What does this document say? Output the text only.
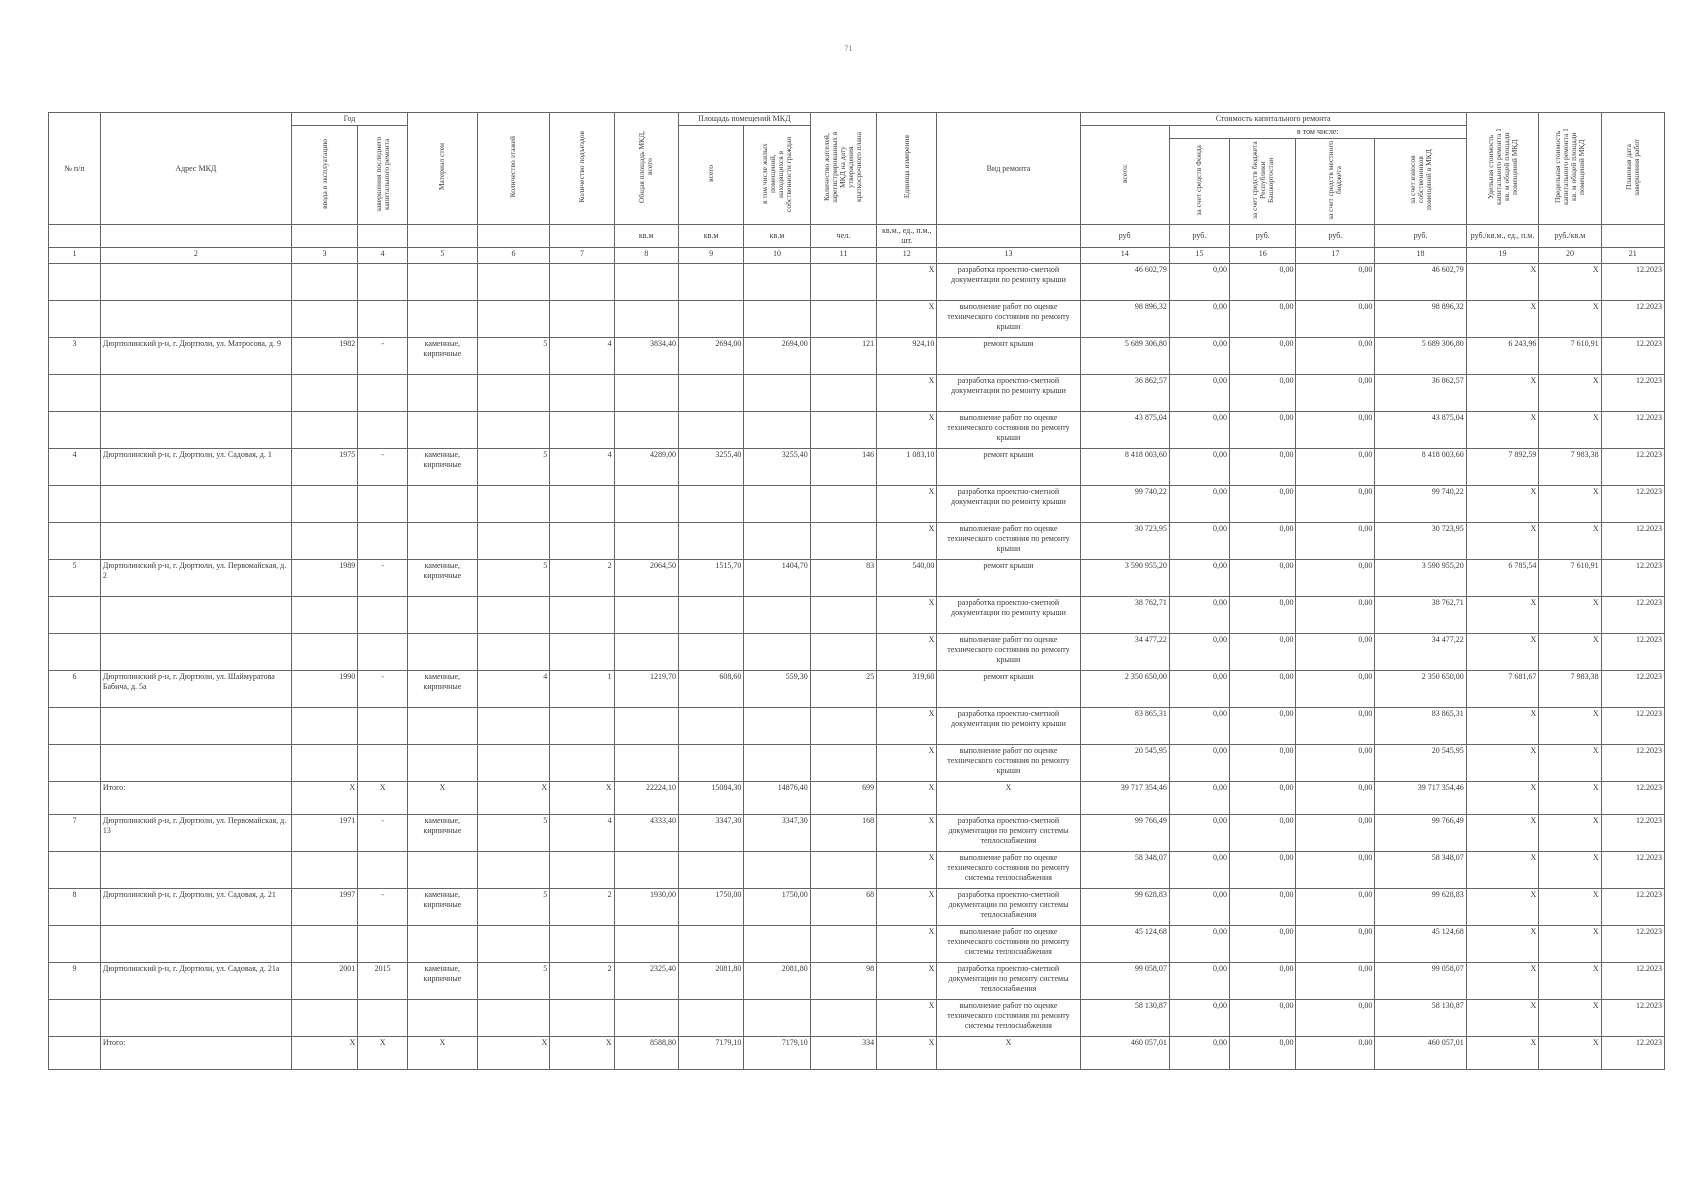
71
№ п/п	Адрес МКД	Год		Материал стен	Количество этажей	Количество подъездов	Общая площадь МКД, всего	Площадь помещений МКД		Количество жителей, зарегистрированных в МКД на дату утверждения краткосрочного плана	Единица измерения	Вид ремонта	Стоимость капитального ремонта					Удельная стоимость капитального ремонта 1 кв. м общей площади помещений МКД	Предельная стоимость капитального ремонта 1 кв. м общей площади помещений МКД	Плановая дата завершения работ
		ввода в эксплуатацию	завершения последнего капитального ремонта					всего	в том числе жилых помещений, находящихся в собственности граждан				всего:	в том числе:						
														за счет средств Фонда	за счет средств бюджета Республики Башкортостан	за счет средств местного бюджета	за счет взносов собственников помещений в МКД			
							кв.м	кв.м	кв.м	чел.	кв.м., ед., п.м., шт.		руб	руб.	руб.	руб.	руб.	руб./кв.м., ед., п.м.	руб./кв.м	
1	2	3	4	5	6	7	8	9	10	11	12	13	14	15	16	17	18	19	20	21
											X	разработка проектно-сметной документации по ремонту крыши	46 602,79	0,00	0,00	0,00	46 602,79	X	X	12.2023
											X	выполнение работ по оценке технического состояния по ремонту крыши	98 896,32	0,00	0,00	0,00	98 896,32	X	X	12.2023
3	Дюртюлинский р-н, г. Дюртюли, ул. Матросова, д. 9	1982	-	каменные, кирпичные	5	4	3834,40	2694,00	2694,00	121	924,10	ремонт крыши	5 689 306,80	0,00	0,00	0,00	5 689 306,80	6 243,96	7 610,91	12.2023
											X	разработка проектно-сметной документации по ремонту крыши	36 862,57	0,00	0,00	0,00	36 862,57	X	X	12.2023
											X	выполнение работ по оценке технического состояния по ремонту крыши	43 875,04	0,00	0,00	0,00	43 875,04	X	X	12.2023
4	Дюртюлинский р-н, г. Дюртюли, ул. Садовая, д. 1	1975	-	каменные, кирпичные	5	4	4289,00	3255,40	3255,40	146	1 083,10	ремонт крыши	8 418 003,60	0,00	0,00	0,00	8 418 003,60	7 892,59	7 983,38	12.2023
											X	разработка проектно-сметной документации по ремонту крыши	99 740,22	0,00	0,00	0,00	99 740,22	X	X	12.2023
											X	выполнение работ по оценке технического состояния по ремонту крыши	30 723,95	0,00	0,00	0,00	30 723,95	X	X	12.2023
5	Дюртюлинский р-н, г. Дюртюли, ул. Первомайская, д. 2	1989	-	каменные, кирпичные	5	2	2064,50	1515,70	1404,70	83	540,00	ремонт крыши	3 590 955,20	0,00	0,00	0,00	3 590 955,20	6 785,54	7 610,91	12.2023
											X	разработка проектно-сметной документации по ремонту крыши	38 762,71	0,00	0,00	0,00	38 762,71	X	X	12.2023
											X	выполнение работ по оценке технического состояния по ремонту крыши	34 477,22	0,00	0,00	0,00	34 477,22	X	X	12.2023
6	Дюртюлинский р-н, г. Дюртюли, ул. Шаймуратова Бабича, д. 5а	1990	-	каменные, кирпичные	4	1	1219,70	608,60	559,30	25	319,60	ремонт крыши	2 350 650,00	0,00	0,00	0,00	2 350 650,00	7 681,67	7 983,38	12.2023
											X	разработка проектно-сметной документации по ремонту крыши	83 865,31	0,00	0,00	0,00	83 865,31	X	X	12.2023
											X	выполнение работ по оценке технического состояния по ремонту крыши	20 545,95	0,00	0,00	0,00	20 545,95	X	X	12.2023
	Итого:	X	X	X	X	X	22224,10	15084,30	14876,40	699	X	X	39 717 354,46	0,00	0,00	0,00	39 717 354,46	X	X	12.2023
7	Дюртюлинский р-н, г. Дюртюли, ул. Первомайская, д. 13	1971	-	каменные, кирпичные	5	4	4333,40	3347,30	3347,30	168	X	разработка проектно-сметной документации по ремонту системы теплоснабжения	99 766,49	0,00	0,00	0,00	99 766,49	X	X	12.2023
											X	выполнение работ по оценке технического состояния по ремонту системы теплоснабжения	58 348,07	0,00	0,00	0,00	58 348,07	X	X	12.2023
8	Дюртюлинский р-н, г. Дюртюли, ул. Садовая, д. 21	1997	-	каменные, кирпичные	5	2	1930,00	1750,00	1750,00	68	X	разработка проектно-сметной документации по ремонту системы теплоснабжения	99 628,83	0,00	0,00	0,00	99 628,83	X	X	12.2023
											X	выполнение работ по оценке технического состояния по ремонту системы теплоснабжения	45 124,68	0,00	0,00	0,00	45 124,68	X	X	12.2023
9	Дюртюлинский р-н, г. Дюртюли, ул. Садовая, д. 21а	2001	2015	каменные, кирпичные	5	2	2325,40	2081,80	2081,80	98	X	разработка проектно-сметной документации по ремонту системы теплоснабжения	99 058,07	0,00	0,00	0,00	99 058,07	X	X	12.2023
											X	выполнение работ по оценке технического состояния по ремонту системы теплоснабжения	58 130,87	0,00	0,00	0,00	58 130,87	X	X	12.2023
	Итого:	X	X	X	X	X	8588,80	7179,10	7179,10	334	X	X	460 057,01	0,00	0,00	0,00	460 057,01	X	X	12.2023
